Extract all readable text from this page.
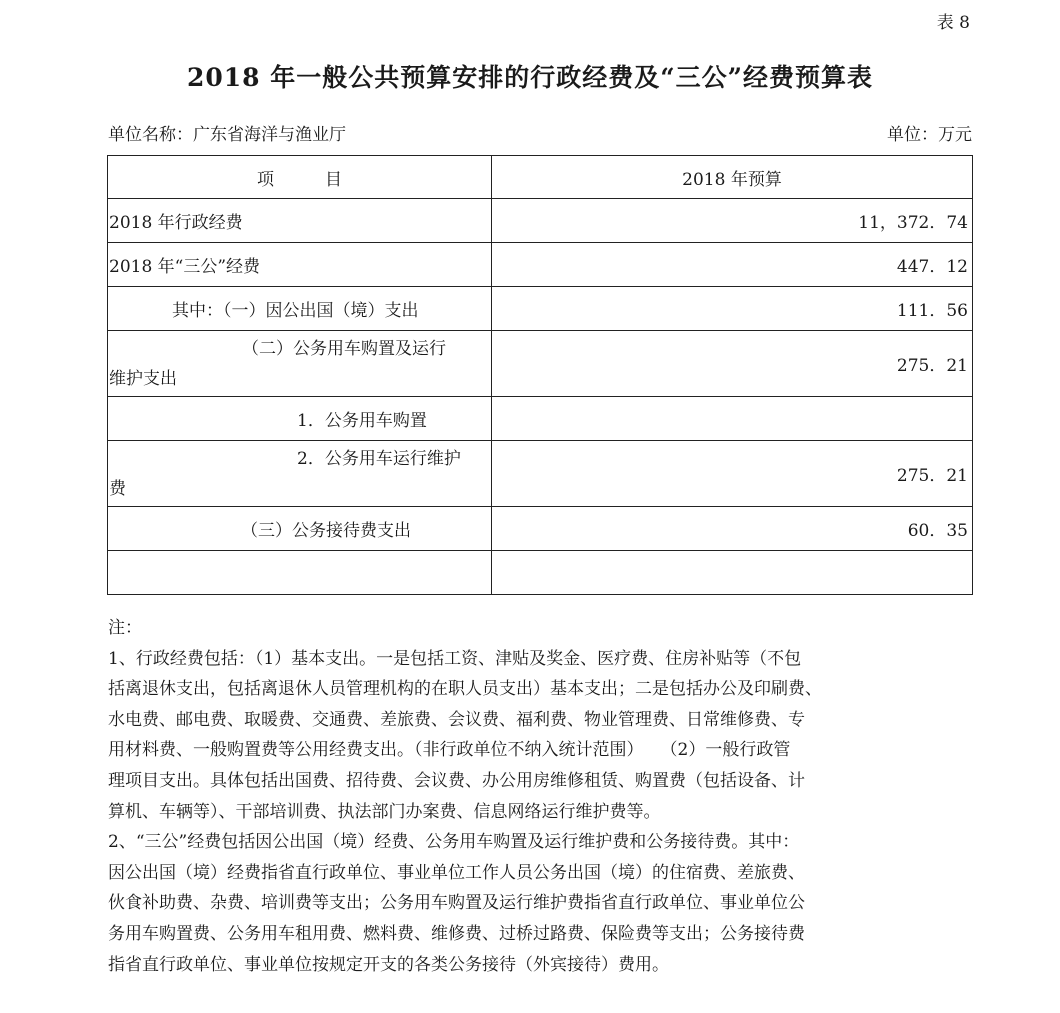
表 8
2018 年一般公共预算安排的行政经费及“三公”经费预算表
单位名称：广东省海洋与渔业厅	单位：万元
项　　　目	2018 年预算
2018 年行政经费	11，372．74
2018 年“三公”经费	447．12
其中：（一）因公出国（境）支出	111．56

（二）公务用车购置及运行
维护支出	275．21
1．公务用车购置	

2．公务用车运行维护
费	275．21
（三）公务接待费支出	60．35

注：

1、行政经费包括：（1）基本支出。一是包括工资、津贴及奖金、医疗费、住房补贴等（不包

括离退休支出，包括离退休人员管理机构的在职人员支出）基本支出；二是包括办公及印刷费、

水电费、邮电费、取暖费、交通费、差旅费、会议费、福利费、物业管理费、日常维修费、专

用材料费、一般购置费等公用经费支出。（非行政单位不纳入统计范围）　　（2）一般行政管

理项目支出。具体包括出国费、招待费、会议费、办公用房维修租赁、购置费（包括设备、计

算机、车辆等）、干部培训费、执法部门办案费、信息网络运行维护费等。

2、“三公”经费包括因公出国（境）经费、公务用车购置及运行维护费和公务接待费。其中：

因公出国（境）经费指省直行政单位、事业单位工作人员公务出国（境）的住宿费、差旅费、

伙食补助费、杂费、培训费等支出；公务用车购置及运行维护费指省直行政单位、事业单位公

务用车购置费、公务用车租用费、燃料费、维修费、过桥过路费、保险费等支出；公务接待费

指省直行政单位、事业单位按规定开支的各类公务接待（外宾接待）费用。
